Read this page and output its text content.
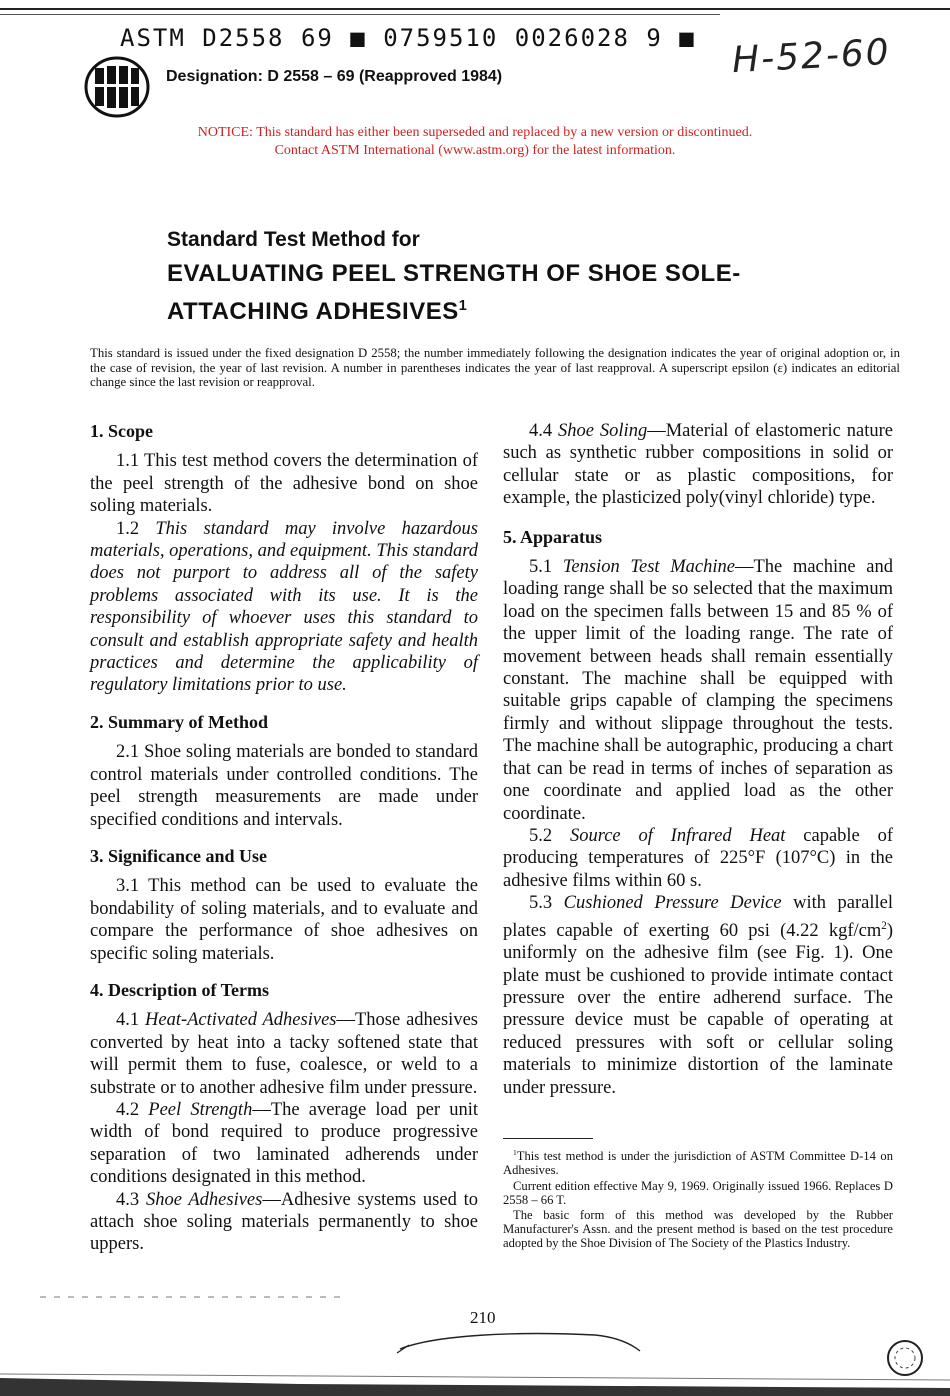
ASTM D2558 69 ■ 0759510 0026028 9 ■
Designation: D 2558 – 69 (Reapproved 1984)	H-52-60
NOTICE: This standard has either been superseded and replaced by a new version or discontinued.
Contact ASTM International (www.astm.org) for the latest information.
Standard Test Method for
EVALUATING PEEL STRENGTH OF SHOE SOLE-ATTACHING ADHESIVES$^1$
This standard is issued under the fixed designation D 2558; the number immediately following the designation indicates the year of original adoption or, in the case of revision, the year of last revision. A number in parentheses indicates the year of last reapproval. A superscript epsilon (ε) indicates an editorial change since the last revision or reapproval.
1. Scope

1.1 This test method covers the determination of the peel strength of the adhesive bond on shoe soling materials.

1.2 This standard may involve hazardous materials, operations, and equipment. This standard does not purport to address all of the safety problems associated with its use. It is the responsibility of whoever uses this standard to consult and establish appropriate safety and health practices and determine the applicability of regulatory limitations prior to use.

2. Summary of Method

2.1 Shoe soling materials are bonded to standard control materials under controlled conditions. The peel strength measurements are made under specified conditions and intervals.

3. Significance and Use

3.1 This method can be used to evaluate the bondability of soling materials, and to evaluate and compare the performance of shoe adhesives on specific soling materials.

4. Description of Terms

4.1 Heat-Activated Adhesives—Those adhesives converted by heat into a tacky softened state that will permit them to fuse, coalesce, or weld to a substrate or to another adhesive film under pressure.

4.2 Peel Strength—The average load per unit width of bond required to produce progressive separation of two laminated adherends under conditions designated in this method.

4.3 Shoe Adhesives—Adhesive systems used to attach shoe soling materials permanently to shoe uppers.

4.4 Shoe Soling—Material of elastomeric nature such as synthetic rubber compositions in solid or cellular state or as plastic compositions, for example, the plasticized poly(vinyl chloride) type.

5. Apparatus

5.1 Tension Test Machine—The machine and loading range shall be so selected that the maximum load on the specimen falls between 15 and 85 % of the upper limit of the loading range. The rate of movement between heads shall remain essentially constant. The machine shall be equipped with suitable grips capable of clamping the specimens firmly and without slippage throughout the tests. The machine shall be autographic, producing a chart that can be read in terms of inches of separation as one coordinate and applied load as the other coordinate.

5.2 Source of Infrared Heat capable of producing temperatures of 225°F (107°C) in the adhesive films within 60 s.

5.3 Cushioned Pressure Device with parallel plates capable of exerting 60 psi (4.22 kgf/$cm^2$) uniformly on the adhesive film (see Fig. 1). One plate must be cushioned to provide intimate contact pressure over the entire adherend surface. The pressure device must be capable of operating at reduced pressures with soft or cellular soling materials to minimize distortion of the laminate under pressure.

$^1$This test method is under the jurisdiction of ASTM Committee D-14 on Adhesives.

Current edition effective May 9, 1969. Originally issued 1966. Replaces D 2558 – 66 T.

The basic form of this method was developed by the Rubber Manufacturer's Assn. and the present method is based on the test procedure adopted by the Shoe Division of The Society of the Plastics Industry.

210
